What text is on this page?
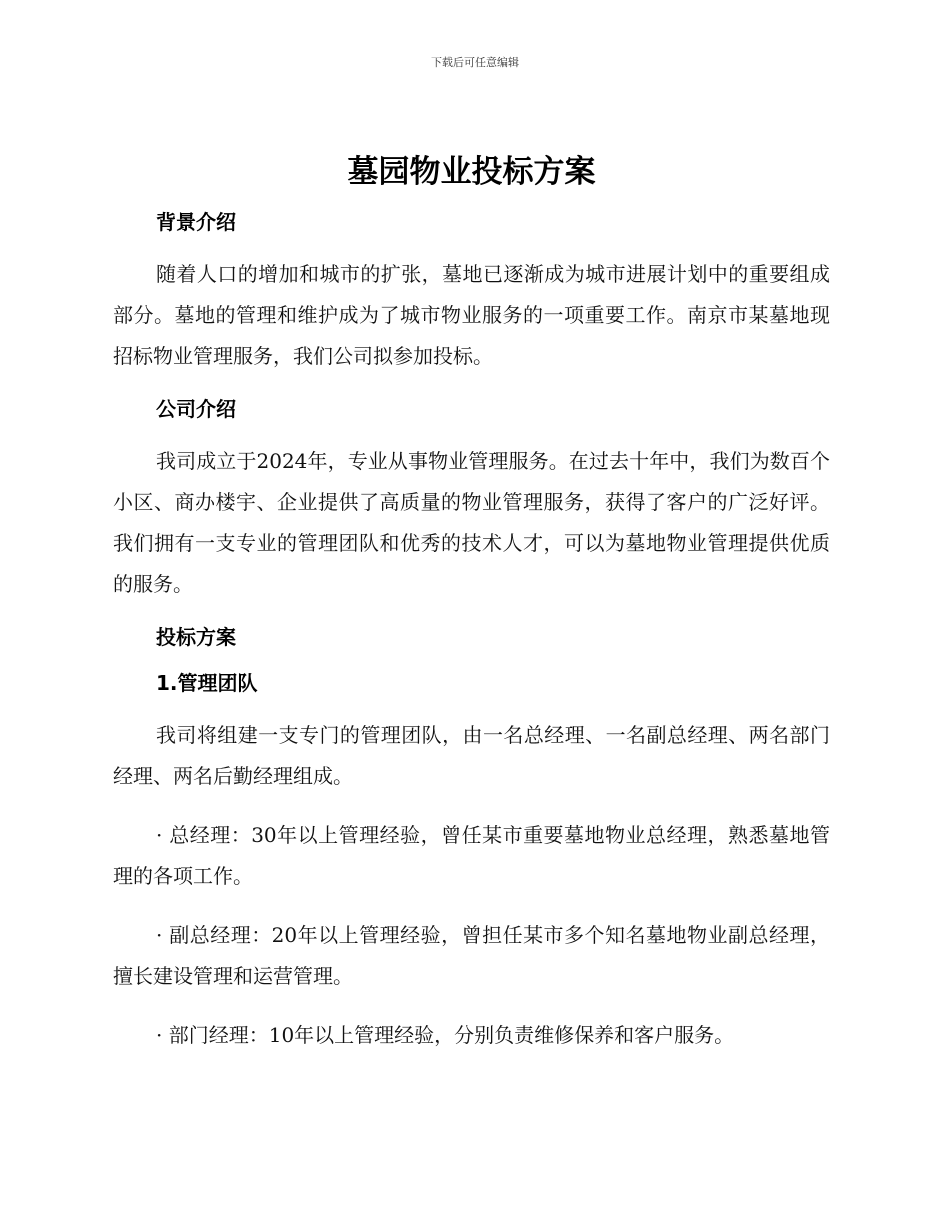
下载后可任意编辑
墓园物业投标方案
背景介绍

随着人口的增加和城市的扩张，墓地已逐渐成为城市进展计划中的重要组成部分。墓地的管理和维护成为了城市物业服务的一项重要工作。南京市某墓地现招标物业管理服务，我们公司拟参加投标。

公司介绍

我司成立于2024年，专业从事物业管理服务。在过去十年中，我们为数百个小区、商办楼宇、企业提供了高质量的物业管理服务，获得了客户的广泛好评。我们拥有一支专业的管理团队和优秀的技术人才，可以为墓地物业管理提供优质的服务。

投标方案
1.管理团队

我司将组建一支专门的管理团队，由一名总经理、一名副总经理、两名部门经理、两名后勤经理组成。

· 总经理：30年以上管理经验，曾任某市重要墓地物业总经理，熟悉墓地管理的各项工作。

· 副总经理：20年以上管理经验，曾担任某市多个知名墓地物业副总经理，擅长建设管理和运营管理。

· 部门经理：10年以上管理经验，分别负责维修保养和客户服务。
